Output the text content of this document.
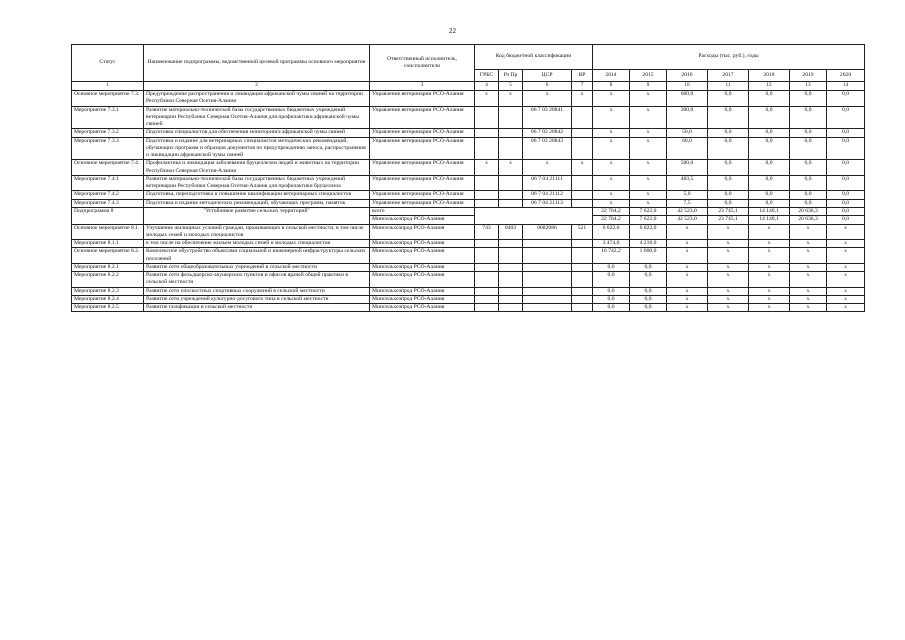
22
Статус	Наименование подпрограммы, ведомственной целевой программы основного мероприятия	Ответственный исполнитель, соисполнители	Код бюджетной классификации				Расходы (тыс. руб.), годы						
			ГРБС	Рз Пр	ЦСР	ВР	2014	2015	2016	2017	2018	2019	2020
1	2	3	4	5	6	7	8	9	10	11	12	13	14
Основное мероприятие 7.3.	Предупреждение распространения и ликвидация африканской чумы свиней на территории Республики Северная Осетия-Алания	Управление ветеринарии РСО-Алания	х	х	х	х	х	х	600,0	0,0	0,0	0,0	0,0
Мероприятие 7.3.1	Развитие материально-технической базы государственных бюджетных учреждений ветеринарии Республики Северная Осетия-Алания для профилактики африканской чумы свиней	Управление ветеринарии РСО-Алания			06 7 03 20841		х	х	300,0	0,0	0,0	0,0	0,0
Мероприятие 7.3.2	Подготовка специалистов для обеспечения мониторинга африканской чумы свиней	Управление ветеринарии РСО-Алания			06 7 03 20842		х	х	50,0	0,0	0,0	0,0	0,0
Мероприятие 7.3.3	Подготовка и издание для ветеринарных специалистов методических рекомендаций, обучающих программ и образцов документов по предупреждению заноса, распространения и ликвидации африканской чумы свиней	Управление ветеринарии РСО-Алания			06 7 03 20843		х	х	60,0	0,0	0,0	0,0	0,0
Основное мероприятие 7.4.	Профилактика и ликвидация заболевания бруцеллезом людей и животных на территории Республики Северная Осетия-Алания	Управление ветеринарии РСО-Алания	х	х	х	х	х	х	500,0	0,0	0,0	0,0	0,0
Мероприятие 7.4.1	Развитие материально-технической базы государственных бюджетных учреждений ветеринарии Республики Северная Осетия-Алания для профилактики бруцеллеза	Управление ветеринарии РСО-Алания			06 7 04 21111		х	х	483,5	0,0	0,0	0,0	0,0
Мероприятие 7.4.2	Подготовка, переподготовка и повышение квалификации ветеринарных специалистов	Управление ветеринарии РСО-Алания			06 7 04 21112		х	х	5,0	0,0	0,0	0,0	0,0
Мероприятие 7.4.3	Подготовка и издание методических рекомендаций, обучающих программ, памяток	Управление ветеринарии РСО-Алания			06 7 04 21113		х	х	7,5	0,0	0,0	0,0	0,0
Подпрограмма 8	"Устойчивое развитие сельских территорий"	всего					22 764,2	7 622,0	42 523,0	23 745,1	14 140,1	20 636,3	0,0
		Минсельхозпрод РСО-Алания					22 764,2	7 622,0	42 523,0	23 745,1	14 140,1	20 636,3	0,0
Основное мероприятие 8.1.	Улучшение жилищных условий граждан, проживающих в сельской местности, в том числе молодых семей и молодых специалистов	Минсельхозпрод РСО-Алания	743	0403	0682086	521	6 022,0	6 022,0	х	х	х	х	х
Мероприятие 8.1.1	в том числе на обеспечение жильем молодых семей и молодых специалистов	Минсельхозпрод РСО-Алания					3 474,0	4 218,0	х	х	х	х	х
Основное мероприятие 8.2.	Комплексное обустройство объектами социальной и инженерной инфраструктуры сельских поселений	Минсельхозпрод РСО-Алания					16 742,2	1 600,0	х	х	х	х	х
Мероприятие 8.2.1	Развитие сети общеобразовательных учреждений в сельской местности	Минсельхозпрод РСО-Алания					0,0	0,0	х	х	х	х	х
Мероприятие 8.2.2	Развитие сети фельдшерско-акушерских пунктов и офисов врачей общей практики в сельской местности	Минсельхозпрод РСО-Алания					0,0	0,0	х	х	х	х	х
Мероприятие 8.2.3	Развитие сети плоскостных спортивных сооружений в сельской местности	Минсельхозпрод РСО-Алания					0,0	0,0	х	х	х	х	х
Мероприятие 8.2.4	Развитие сети учреждений культурно-досугового типа в сельской местности	Минсельхозпрод РСО-Алания					0,0	0,0	х	х	х	х	х
Мероприятие 8.2.5	Развитие газификации в сельской местности	Минсельхозпрод РСО-Алания					0,0	0,0	х	х	х	х	х
